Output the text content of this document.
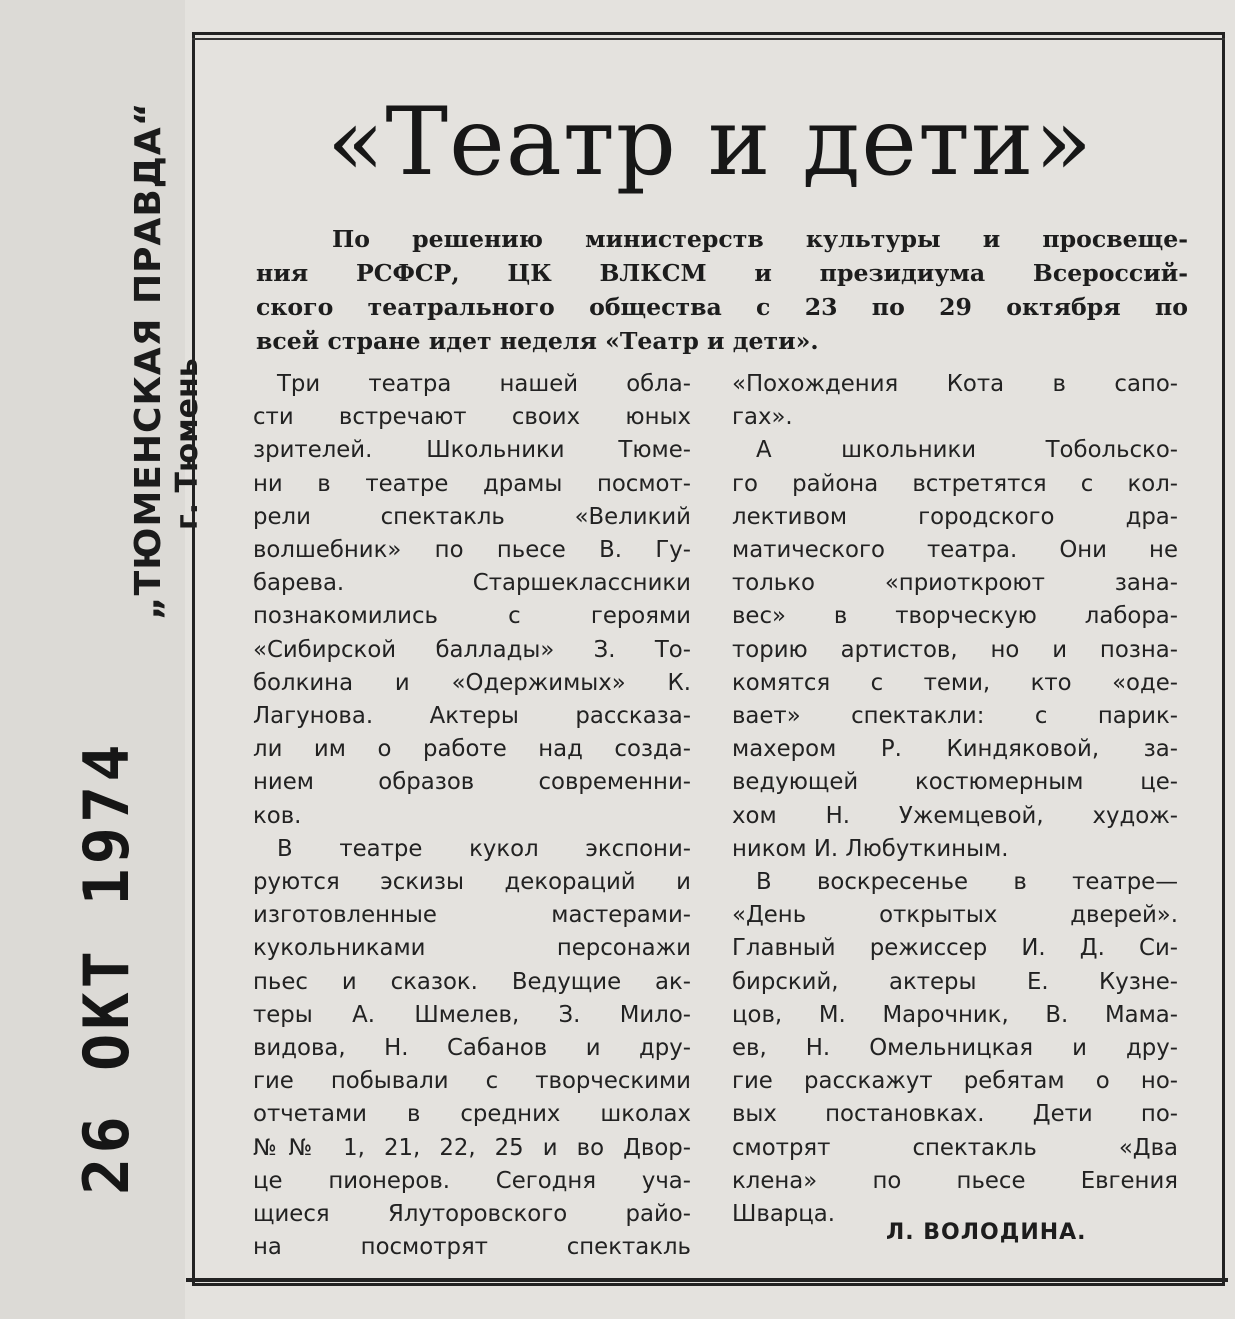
„ТЮМЕНСКАЯ ПРАВДА“ г. Тюмень
26 ОКТ 1974
«Театр и дети»
По решению министерств культуры и просвеще-
ния РСФСР, ЦК ВЛКСМ и президиума Всероссий-
ского театрального общества с 23 по 29 октября по
всей стране идет неделя «Театр и дети».
Три театра нашей обла-
сти встречают своих юных
зрителей. Школьники Тюме-
ни в театре драмы посмот-
рели спектакль «Великий
волшебник» по пьесе В. Гу-
барева. Старшеклассники
познакомились с героями
«Сибирской баллады» З. То-
болкина и «Одержимых» К.
Лагунова. Актеры рассказа-
ли им о работе над созда-
нием образов современни-
ков.
В театре кукол экспони-
руются эскизы декораций и
изготовленные мастерами-
кукольниками персонажи
пьес и сказок. Ведущие ак-
теры А. Шмелев, З. Мило-
видова, Н. Сабанов и дру-
гие побывали с творческими
отчетами в средних школах
№№ 1, 21, 22, 25 и во Двор-
це пионеров. Сегодня уча-
щиеся Ялуторовского райо-
на посмотрят спектакль
«Похождения Кота в сапо-
гах».
А школьники Тобольско-
го района встретятся с кол-
лективом городского дра-
матического театра. Они не
только «приоткроют зана-
вес» в творческую лабора-
торию артистов, но и позна-
комятся с теми, кто «оде-
вает» спектакли: с парик-
махером Р. Киндяковой, за-
ведующей костюмерным це-
хом Н. Ужемцевой, худож-
ником И. Любуткиным.
В воскресенье в театре—
«День открытых дверей».
Главный режиссер И. Д. Си-
бирский, актеры Е. Кузне-
цов, М. Марочник, В. Мама-
ев, Н. Омельницкая и дру-
гие расскажут ребятам о но-
вых постановках. Дети по-
смотрят спектакль «Два
клена» по пьесе Евгения
Шварца.
Л. ВОЛОДИНА.
